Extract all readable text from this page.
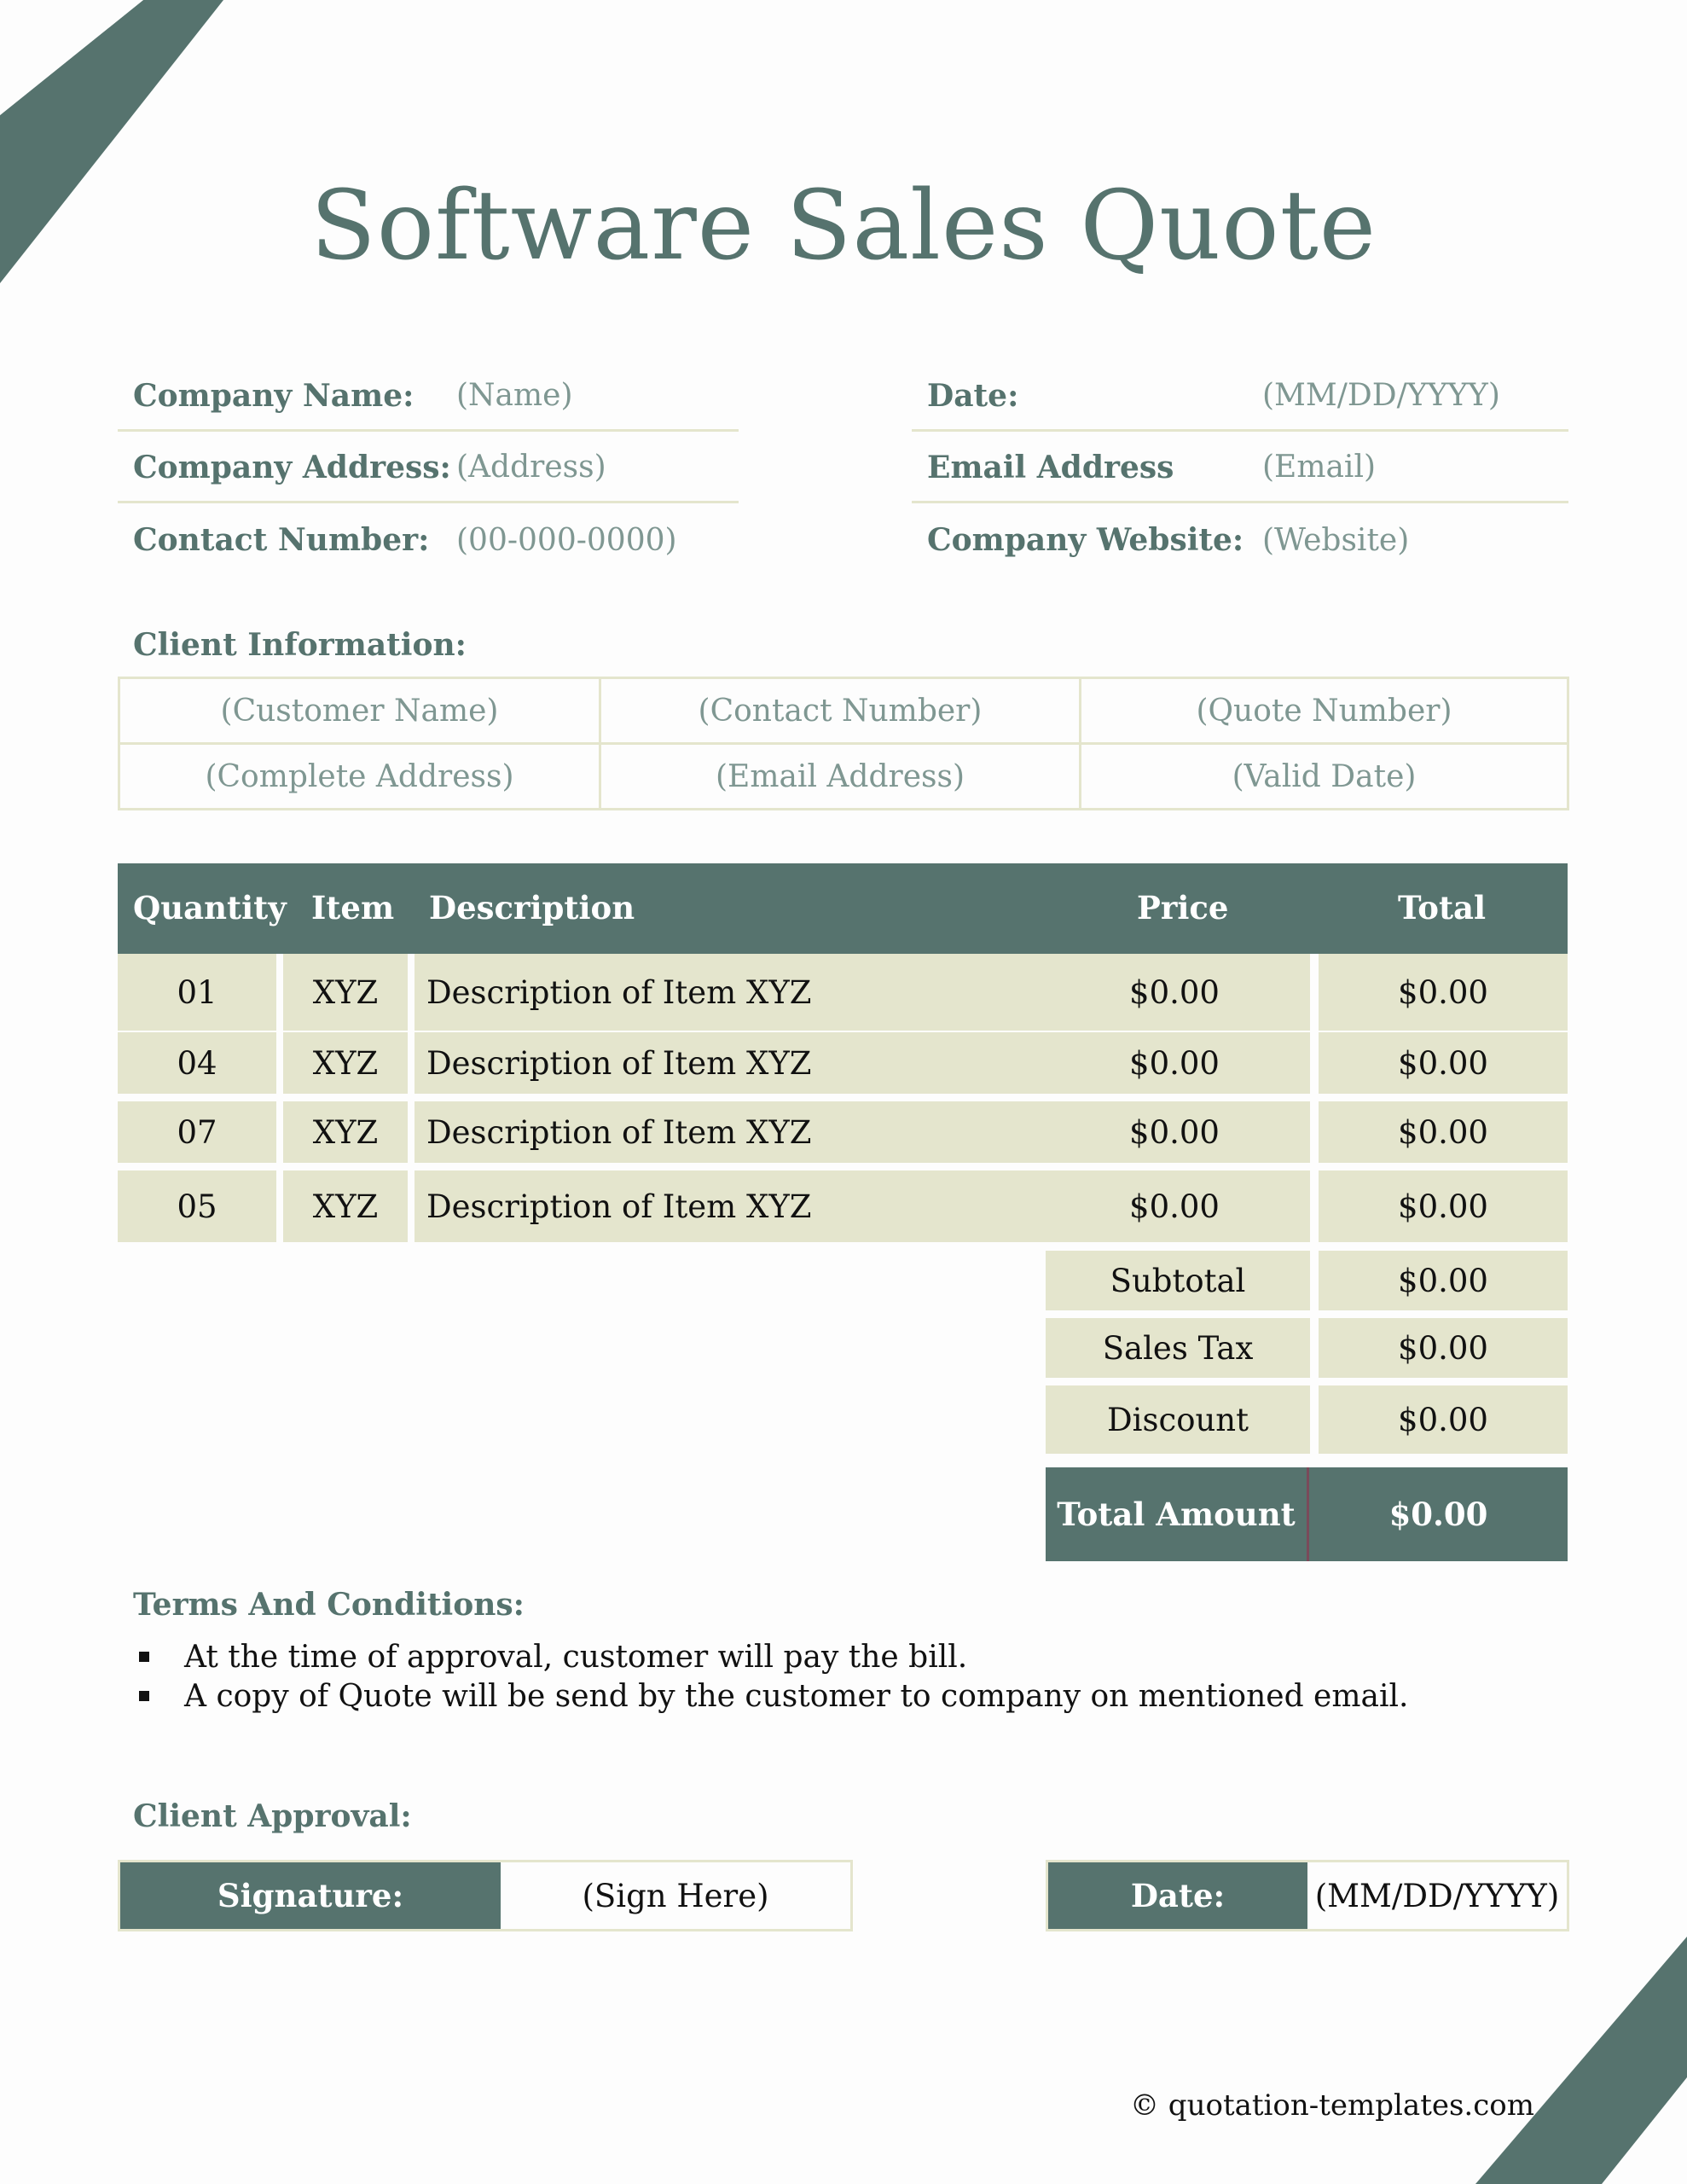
Software Sales Quote
Company Name: (Name)
Company Address: (Address)
Contact Number: (00-000-0000)
Date:	(MM/DD/YYYY)
Email Address	(Email)
Company Website: (Website)
Client Information:
(Customer Name)	(Contact Number)	(Quote Number)
(Complete Address)	(Email Address)	(Valid Date)
Quantity Item Description	Price	Total
01	XYZ	Description of Item XYZ	$0.00	$0.00
04	XYZ	Description of Item XYZ	$0.00	$0.00
07	XYZ	Description of Item XYZ	$0.00	$0.00
05	XYZ	Description of Item XYZ	$0.00	$0.00
Subtotal	$0.00
Sales Tax	$0.00
Discount	$0.00
Total Amount	$0.00
Terms And Conditions:
At the time of approval, customer will pay the bill.
A copy of Quote will be send by the customer to company on mentioned email.
Client Approval:
Signature:	(Sign Here)	Date:	(MM/DD/YYYY)
© quotation-templates.com
